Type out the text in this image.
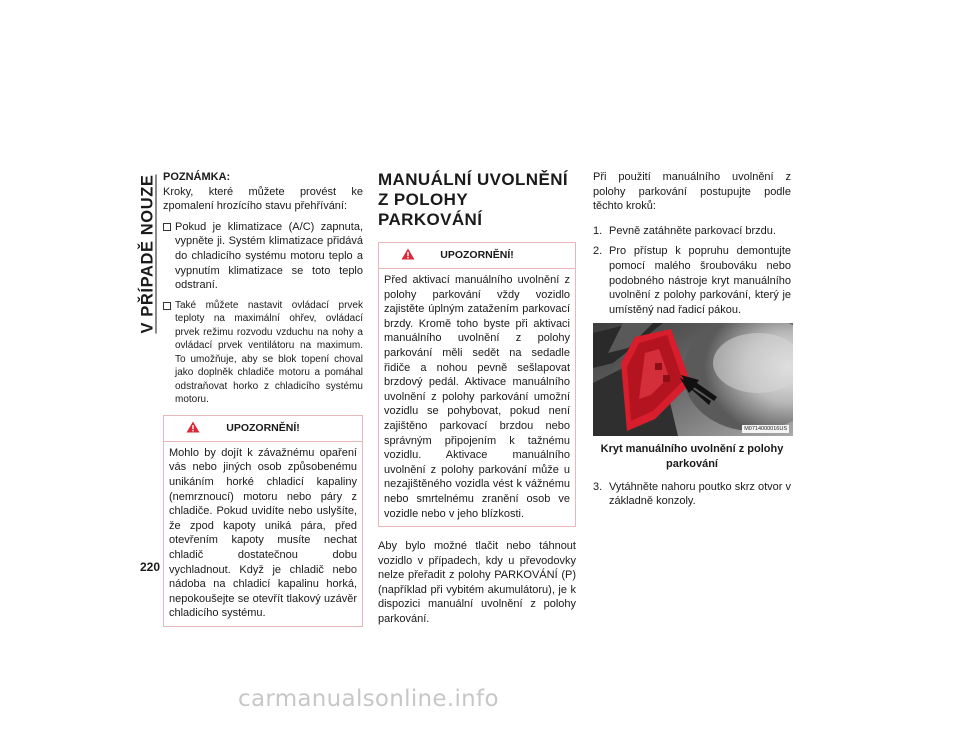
V PŘÍPADĚ NOUZE
220

POZNÁMKA:

Kroky, které můžete provést ke zpomalení hrozícího stavu přehřívání:

Pokud je klimatizace (A/C) zapnuta, vypněte ji. Systém klimatizace přidává do chladicího systému motoru teplo a vypnutím klimatizace se toto teplo odstraní.
Také můžete nastavit ovládací prvek teploty na maximální ohřev, ovládací prvek režimu rozvodu vzduchu na nohy a ovládací prvek ventilátoru na maximum. To umožňuje, aby se blok topení choval jako doplněk chladiče motoru a pomáhal odstraňovat horko z chladicího systému motoru.
UPOZORNĚNÍ!
Mohlo by dojít k závažnému opaření vás nebo jiných osob způsobenému unikáním horké chladicí kapaliny (nemrznoucí) motoru nebo páry z chladiče. Pokud uvidíte nebo uslyšíte, že zpod kapoty uniká pára, před otevřením kapoty musíte nechat chladič dostatečnou dobu vychladnout. Když je chladič nebo nádoba na chladicí kapalinu horká, nepokoušejte se otevřít tlakový uzávěr chladicího systému.
MANUÁLNÍ UVOLNĚNÍ
Z POLOHY PARKOVÁNÍ
UPOZORNĚNÍ!
Před aktivací manuálního uvolnění z polohy parkování vždy vozidlo zajistěte úplným zatažením parkovací brzdy. Kromě toho byste při aktivaci manuálního uvolnění z polohy parkování měli sedět na sedadle řidiče a nohou pevně sešlapovat brzdový pedál. Aktivace manuálního uvolnění z polohy parkování umožní vozidlu se pohybovat, pokud není zajištěno parkovací brzdou nebo správným připojením k tažnému vozidlu. Aktivace manuálního uvolnění z polohy parkování může u nezajištěného vozidla vést k vážnému nebo smrtelnému zranění osob ve vozidle nebo v jeho blízkosti.

Aby bylo možné tlačit nebo táhnout vozidlo v případech, kdy u převodovky nelze přeřadit z polohy PARKOVÁNÍ (P) (například při vybitém akumulátoru), je k dispozici manuální uvolnění z polohy parkování.

Při použití manuálního uvolnění z polohy parkování postupujte podle těchto kroků:

1. Pevně zatáhněte parkovací brzdu.
2. Pro přístup k popruhu demontujte pomocí malého šroubováku nebo podobného nástroje kryt manuálního uvolnění z polohy parkování, který je umístěný nad řadicí pákou.
M0714000016US

Kryt manuálního uvolnění z polohy parkování

3. Vytáhněte nahoru poutko skrz otvor v základně konzoly.
carmanualsonline.info
